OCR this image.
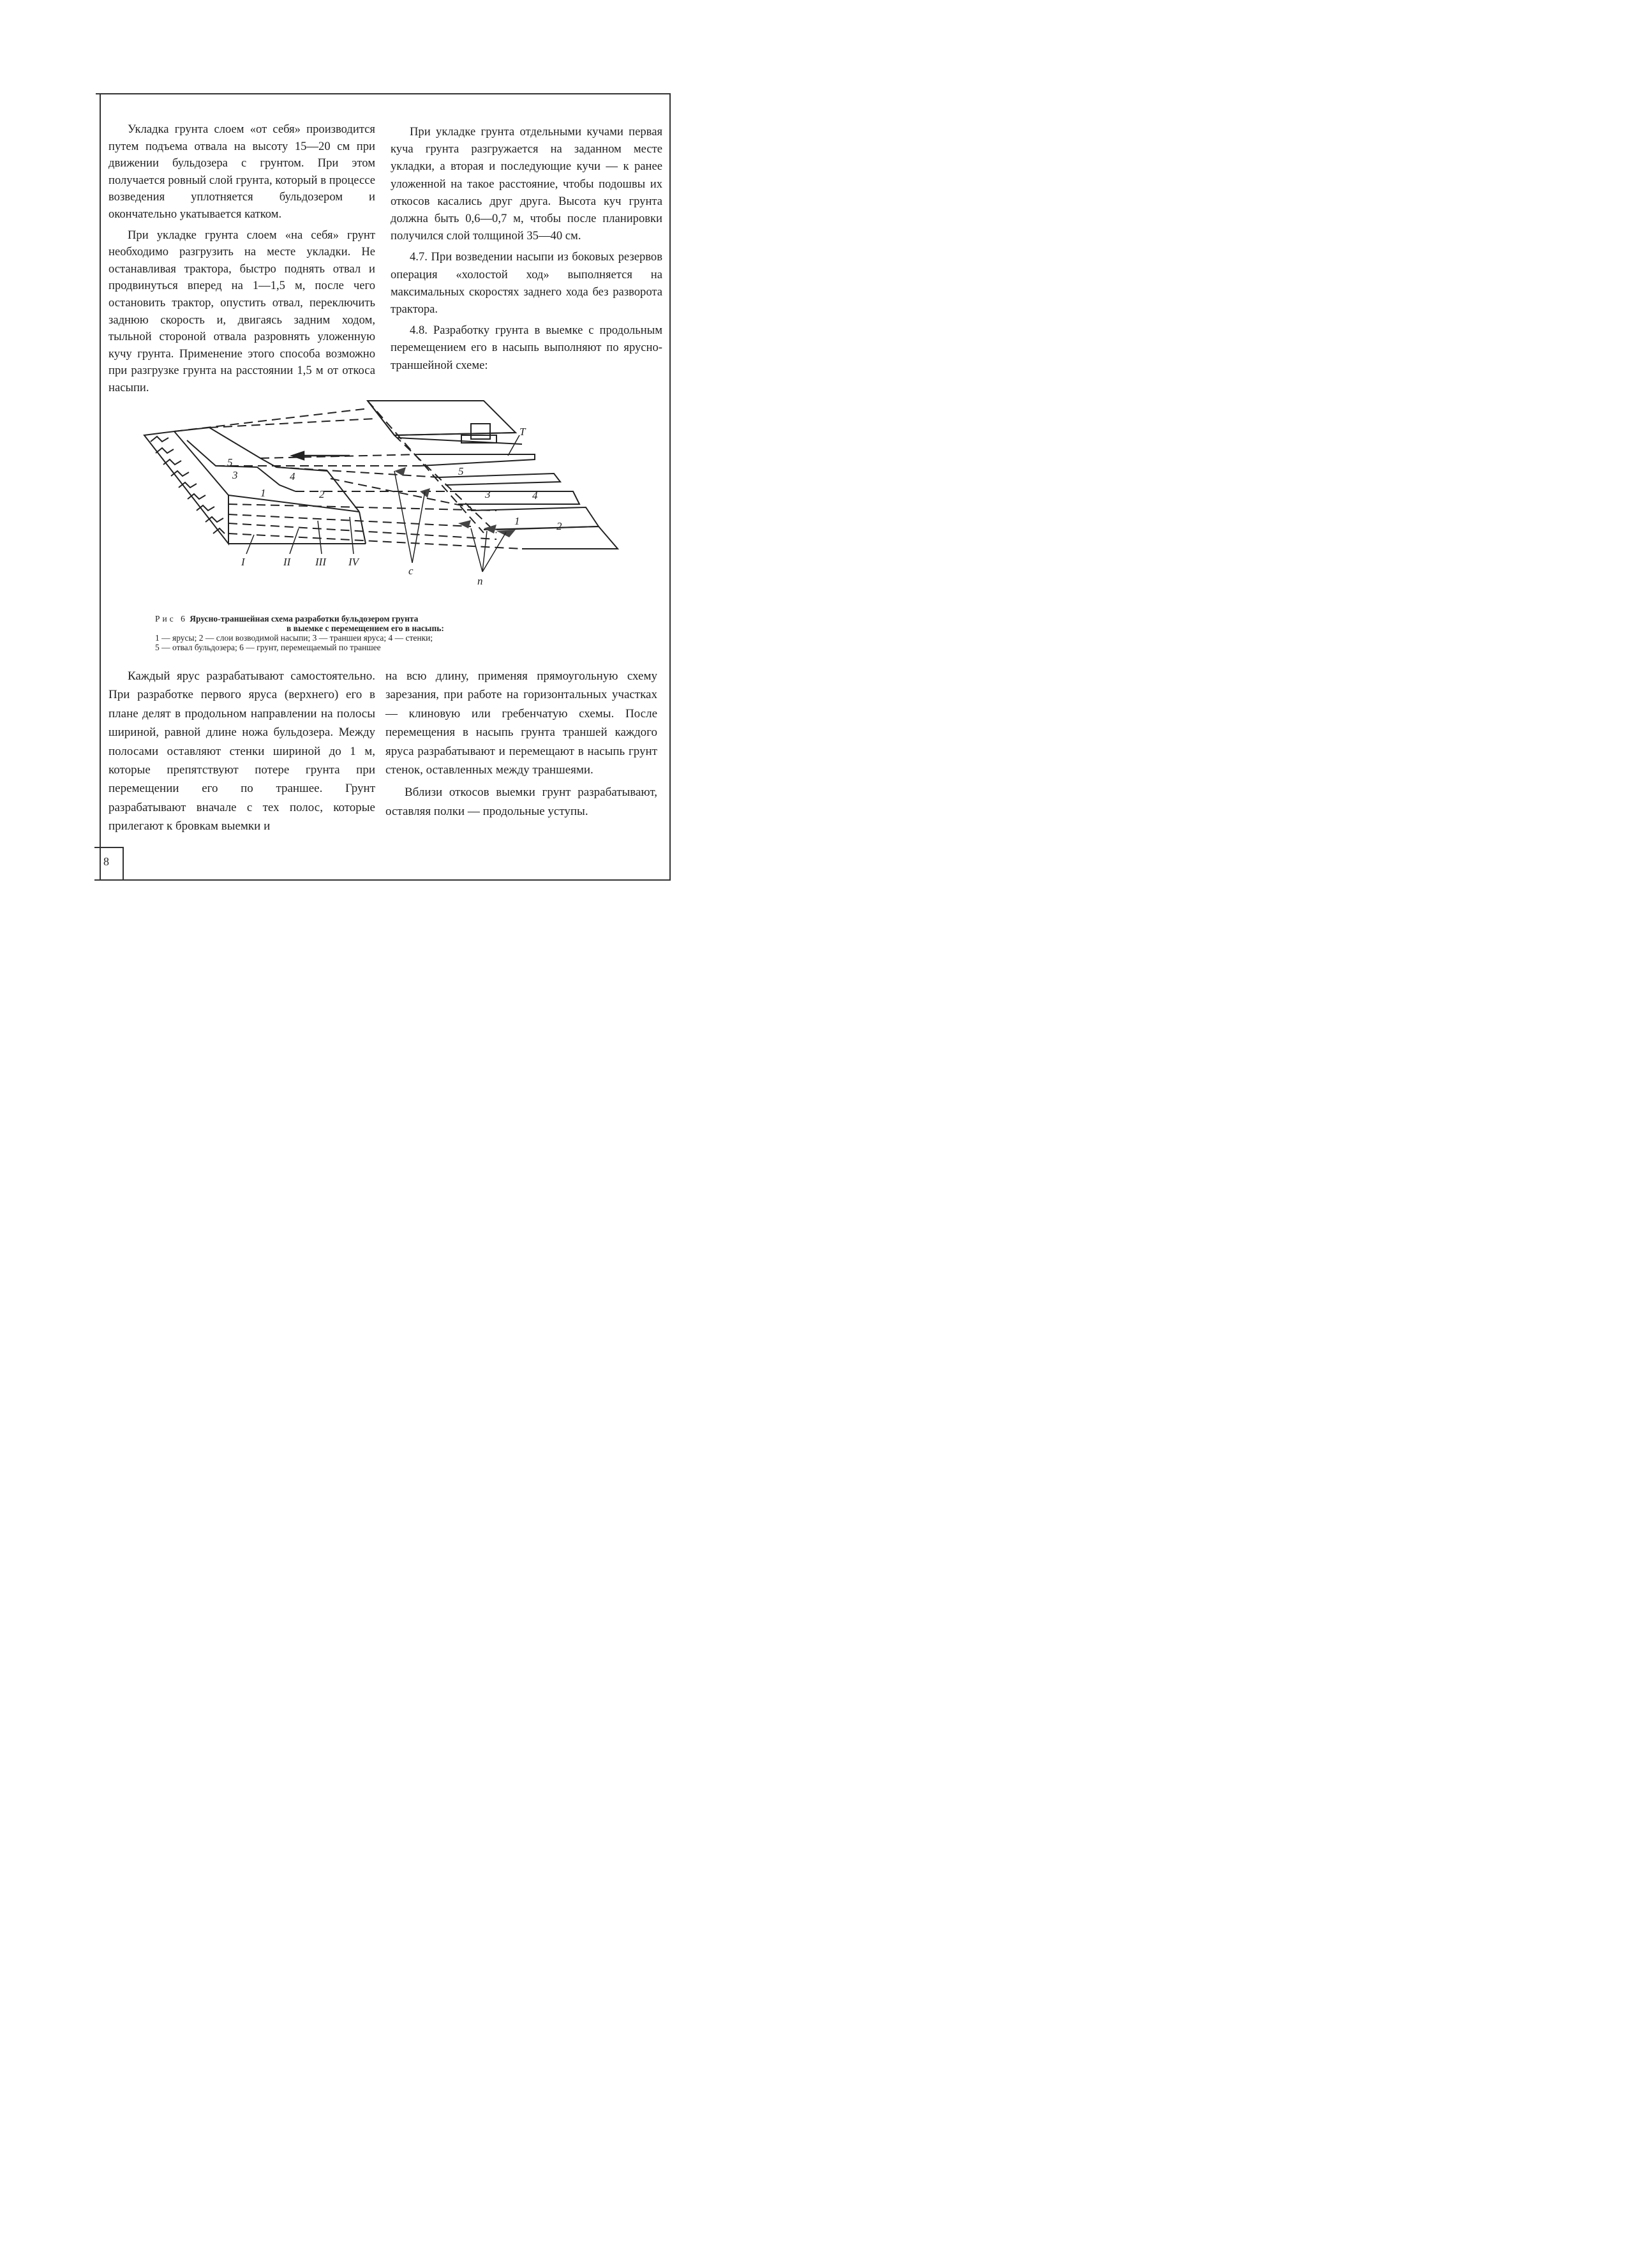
8

Укладка грунта слоем «от себя» производится путем подъема отвала на высоту 15—20 см при движении бульдозера с грунтом. При этом получается ровный слой грунта, который в процессе возведения уплотняется бульдозером и окончательно укатывается катком.

При укладке грунта слоем «на себя» грунт необходимо разгрузить на месте укладки. Не останавливая трактора, быстро поднять отвал и продвинуться вперед на 1—1,5 м, после чего остановить трактор, опустить отвал, переключить заднюю скорость и, двигаясь задним ходом, тыльной стороной отвала разровнять уложенную кучу грунта. Применение этого способа возможно при разгрузке грунта на расстоянии 1,5 м от откоса насыпи.

При укладке грунта отдельными кучами первая куча грунта разгружается на заданном месте укладки, а вторая и последующие кучи — к ранее уложенной на такое расстояние, чтобы подошвы их откосов касались друг друга. Высота куч грунта должна быть 0,6—0,7 м, чтобы после планировки получился слой толщиной 35—40 см.

4.7. При возведении насыпи из боковых резервов операция «холостой ход» выполняется на максимальных скоростях заднего хода без разворота трактора.

4.8. Разработку грунта в выемке с продольным перемещением его в насыпь выполняют по ярусно-траншейной схеме:

5
3	4
1	2
5
3	4
1	2
T
с
п
I	II III IV
Рис 6 Ярусно-траншейная схема разработки бульдозером грунта
в выемке с перемещением его в насыпь:
1 — ярусы; 2 — слои возводимой насыпи; 3 — траншеи яруса; 4 — стенки;
5 — отвал бульдозера; 6 — грунт, перемещаемый по траншее

Каждый ярус разрабатывают самостоятельно. При разработке первого яруса (верхнего) его в плане делят в продольном направлении на полосы шириной, равной длине ножа бульдозера. Между полосами оставляют стенки шириной до 1 м, которые препятствуют потере грунта при перемещении его по траншее. Грунт разрабатывают вначале с тех полос, которые прилегают к бровкам выемки и

на всю длину, применяя прямоугольную схему зарезания, при работе на горизонтальных участках — клиновую или гребенчатую схемы. После перемещения в насыпь грунта траншей каждого яруса разрабатывают и перемещают в насыпь грунт стенок, оставленных между траншеями.

Вблизи откосов выемки грунт разрабатывают, оставляя полки — продольные уступы.
